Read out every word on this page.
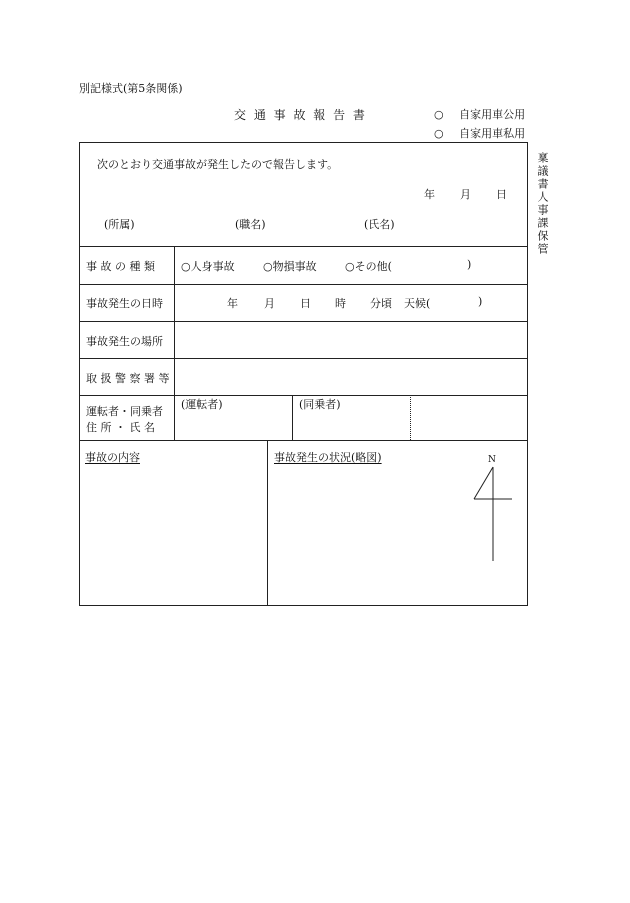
別記様式(第5条関係)
交 通 事 故 報 告 書	○ 自家用車公用
○ 自家用車私用
次のとおり交通事故が発生したので報告します。
年 月 日
(所属)	(職名)	(氏名)
事 故 の 種 類 ○人身事故	○物損事故	○その他(	)
事故発生の日時	年 月 日 時 分頃 天候(	)
事故発生の場所
取 扱 警 察 署 等
運転者・同乗者
住 所 ・ 氏 名
(運転者)	(同乗者)
事故の内容	事故発生の状況(略図)	N
稟議書人事課保管
